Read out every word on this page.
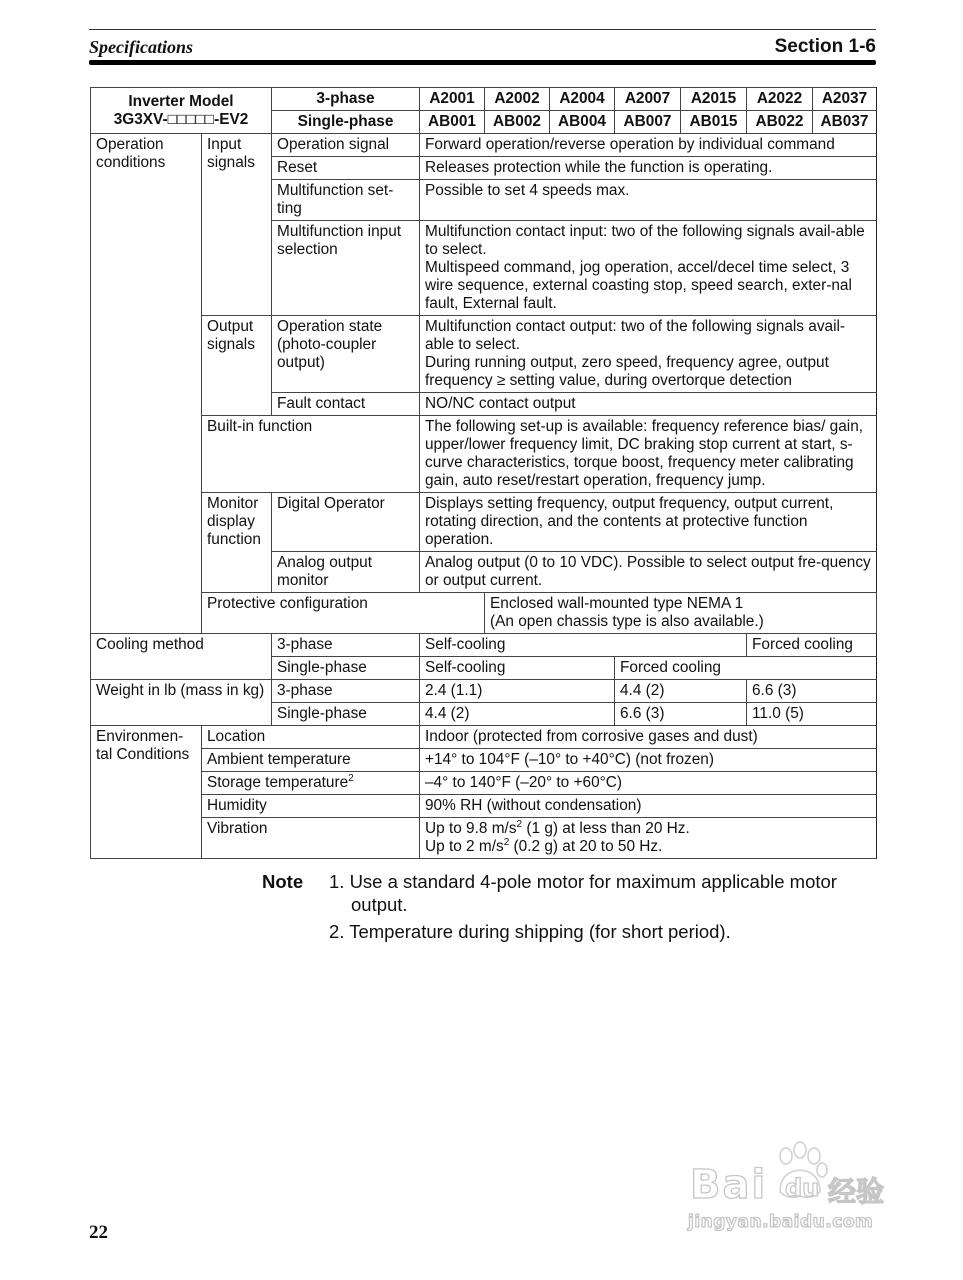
Specifications	Section 1-6
Inverter Model
3G3XV-□□□□□-EV2		3-phase	A2001	A2002	A2004	A2007	A2015	A2022	A2037
		Single-phase	AB001	AB002	AB004	AB007	AB015	AB022	AB037
Operation conditions	Input signals	Operation signal	Forward operation/reverse operation by individual command						
		Reset	Releases protection while the function is operating.						
		Multifunction set-ting	Possible to set 4 speeds max.						
		Multifunction input selection	Multifunction contact input: two of the following signals avail-able to select.
Multispeed command, jog operation, accel/decel time select, 3 wire sequence, external coasting stop, speed search, exter-nal fault, External fault.						

	Output signals	Operation state (photo-coupler output)	Multifunction contact output: two of the following signals avail-able to select.
During running output, zero speed, frequency agree, output frequency ≥ setting value, during overtorque detection						

		Fault contact	NO/NC contact output						
	Built-in function		The following set-up is available: frequency reference bias/ gain, upper/lower frequency limit, DC braking stop current at start, s-curve characteristics, torque boost, frequency meter calibrating gain, auto reset/restart operation, frequency jump.						
	Monitor display function	Digital Operator	Displays setting frequency, output frequency, output current, rotating direction, and the contents at protective function operation.						
		Analog output monitor	Analog output (0 to 10 VDC). Possible to select output fre-quency or output current.						
	Protective configuration			Enclosed wall-mounted type NEMA 1
(An open chassis type is also available.)					

Cooling method		3-phase	Self-cooling					Forced cooling	
		Single-phase	Self-cooling			Forced cooling			
Weight in lb (mass in kg)		3-phase	2.4 (1.1)			4.4 (2)		6.6 (3)	
		Single-phase	4.4 (2)			6.6 (3)		11.0 (5)	
Environmen-tal Conditions	Location		Indoor (protected from corrosive gases and dust)						
	Ambient temperature		+14° to 104°F (–10° to +40°C) (not frozen)						
	Storage temperature$^2$		–4° to 140°F (–20° to +60°C)						
	Humidity		90% RH (without condensation)						
	Vibration		Up to 9.8 $m/s^2$ (1 g) at less than 20 Hz.
Up to 2 $m/s^2$ (0.2 g) at 20 to 50 Hz.						
Note 1. Use a standard 4-pole motor for maximum applicable motor output.
2. Temperature during shipping (for short period).
22
Bai du 经验
jingyan.baidu.com
